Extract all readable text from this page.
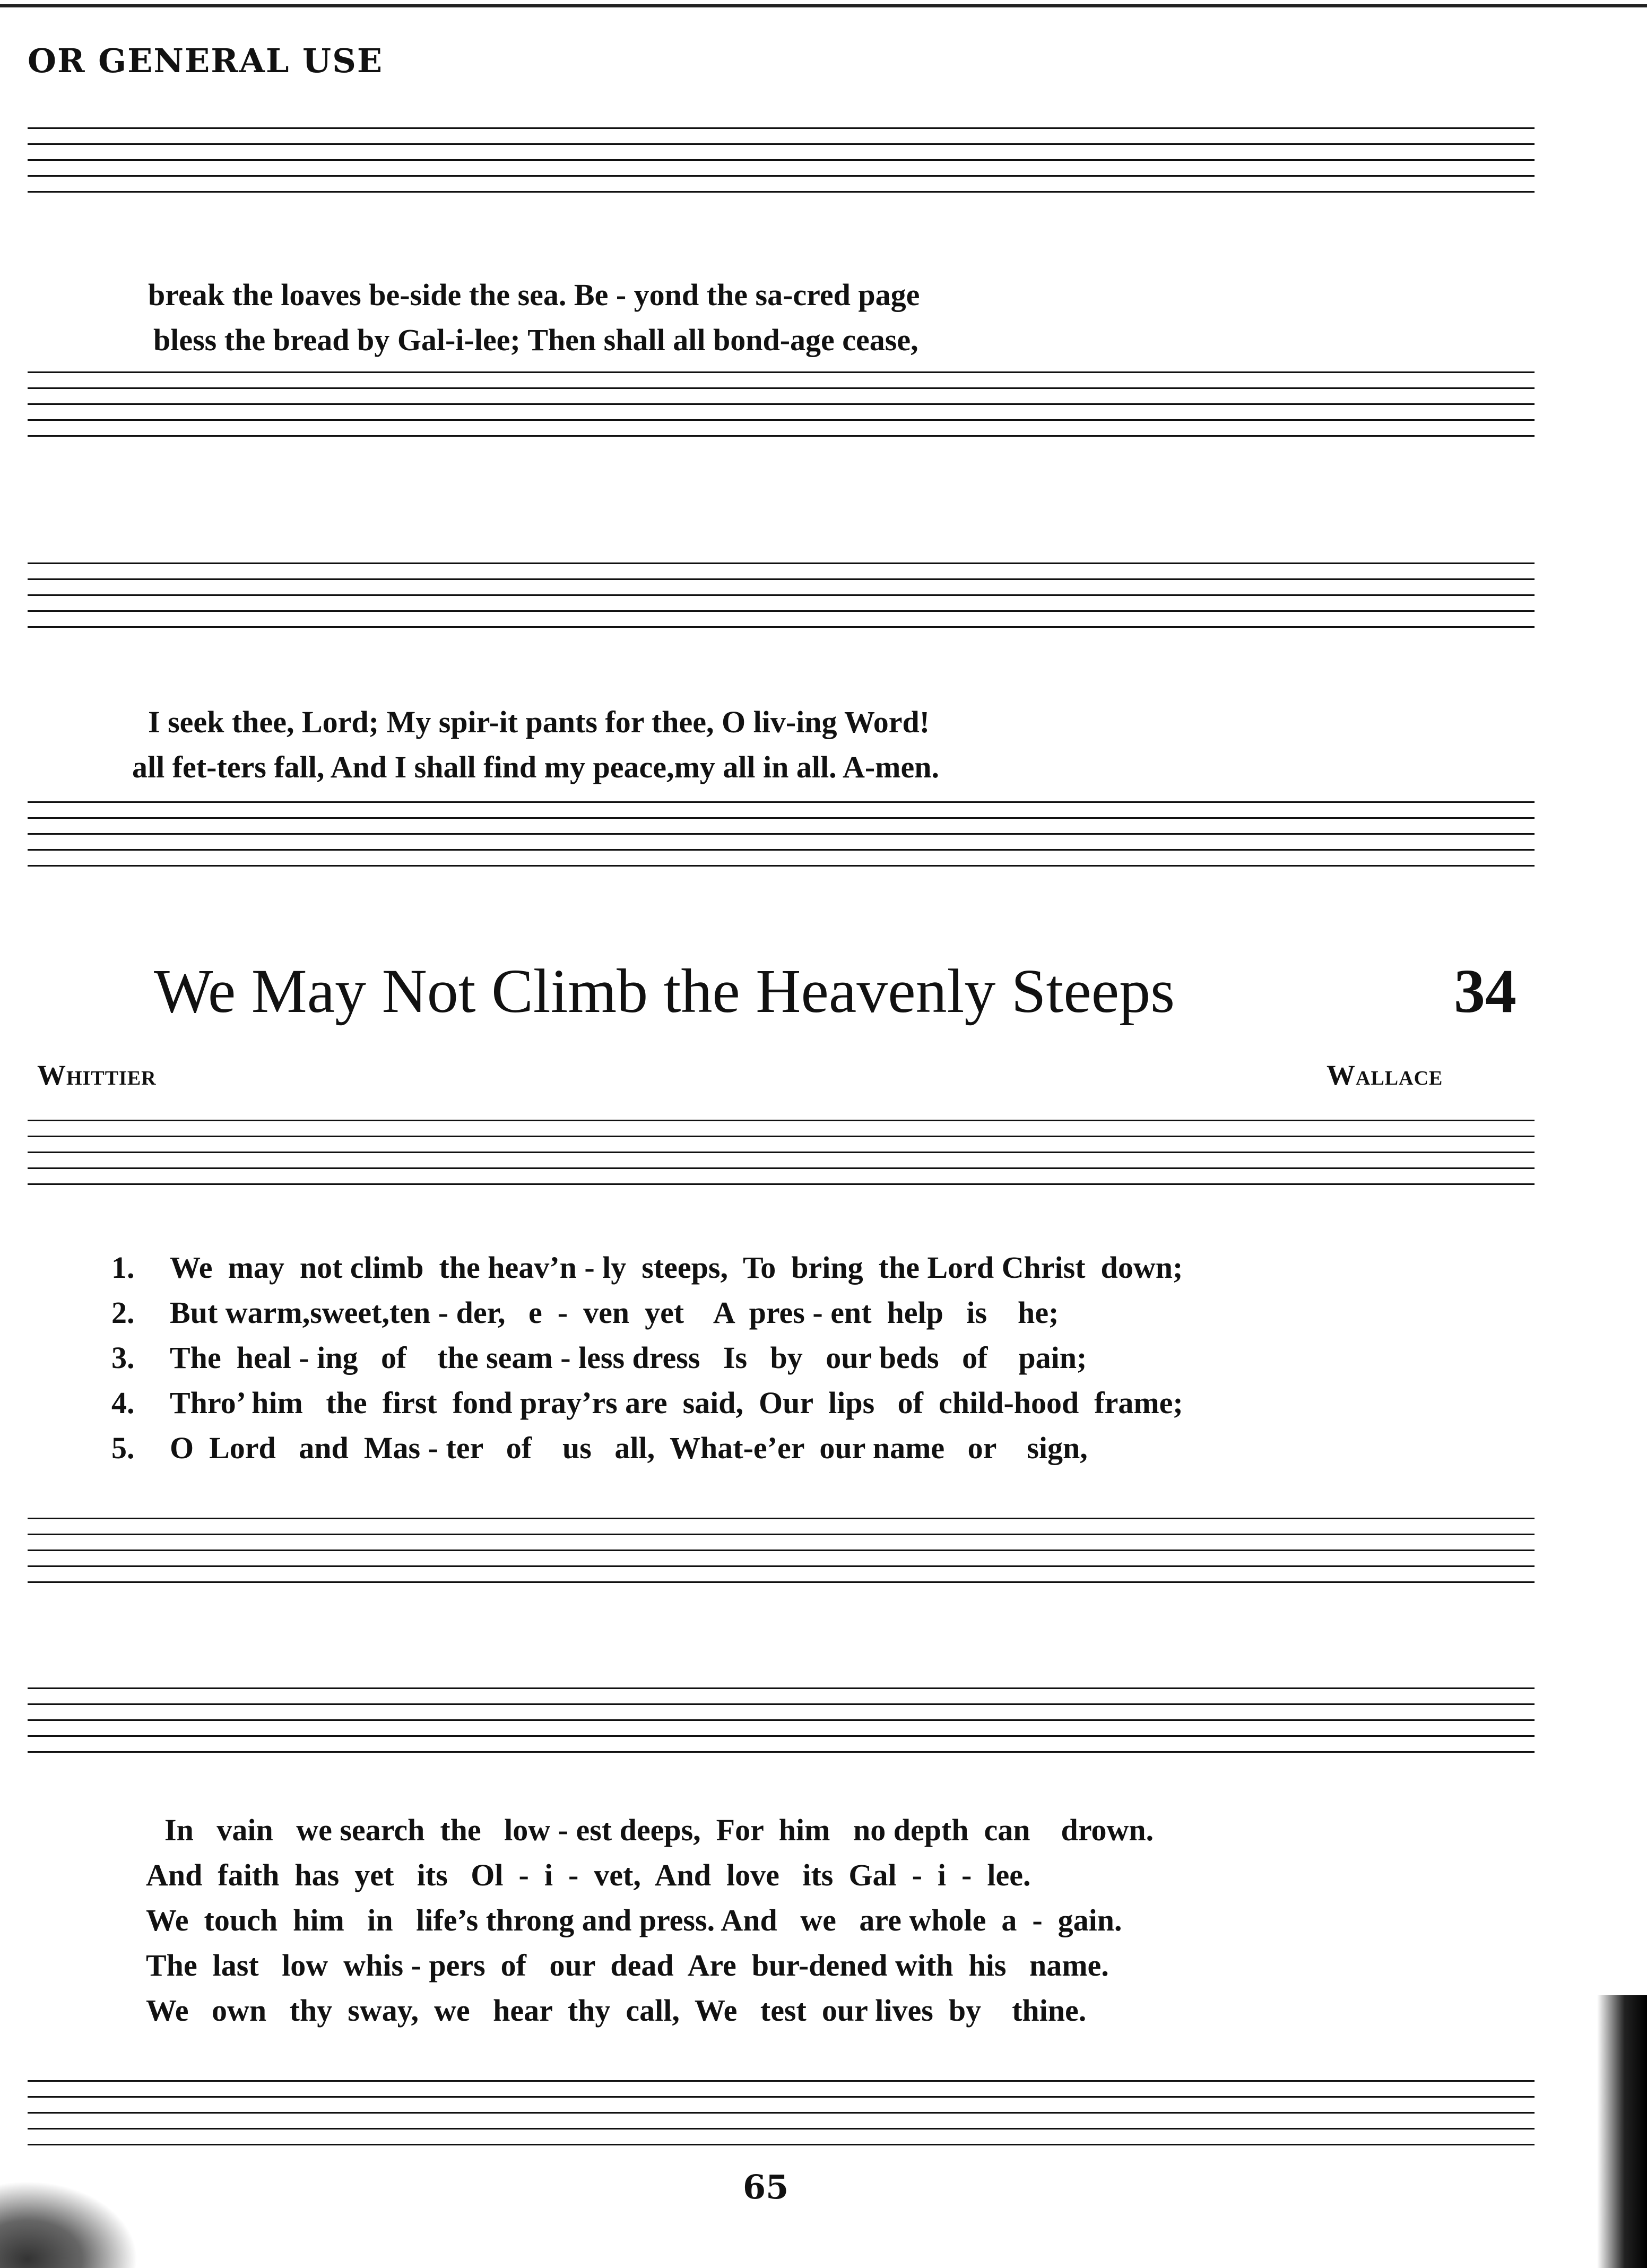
OR GENERAL USE

break the loaves be-side the sea. Be - yond the sa-cred page

bless the bread by Gal-i-lee; Then shall all bond-age cease,

I seek thee, Lord; My spir-it pants for thee, O liv-ing Word!

all fet-ters fall, And I shall find my peace,my all in all. A-men.

We May Not Climb the Heavenly Steeps	34
Whittier	Wallace
1. We  may  not climb  the heav’n - ly  steeps,  To  bring  the Lord Christ  down;
2. But warm,sweet,ten - der,   e  -  ven  yet    A  pres - ent  help   is    he;
3. The  heal - ing   of    the seam - less dress   Is   by   our beds   of    pain;
4. Thro’ him   the  first  fond pray’rs are  said,  Our  lips   of  child-hood  frame;
5. O  Lord   and  Mas - ter   of    us   all,  What-e’er  our name   or    sign,
In   vain   we search  the   low - est deeps,  For  him   no depth  can    drown.
And  faith  has  yet   its   Ol  -  i  -  vet,  And  love   its  Gal  -  i  -  lee.
We  touch  him   in   life’s throng and press. And   we   are whole  a  -  gain.
The  last   low  whis - pers  of   our  dead  Are  bur-dened with  his   name.
We   own   thy  sway,  we   hear  thy  call,  We   test  our lives  by    thine.
65
